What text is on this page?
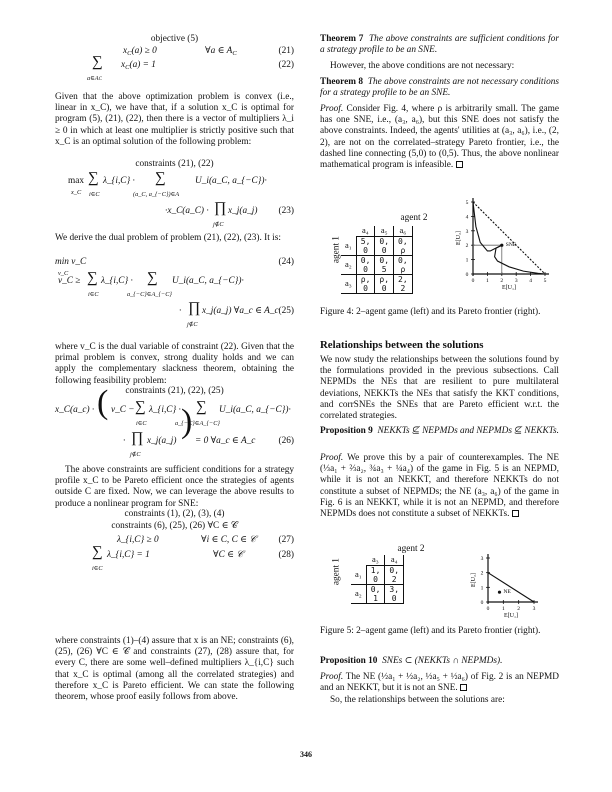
objective (5)
$x_C(a) \ge 0$	∀a ∈ $A_C$	(21)
∑
a∈AC
$x_C(a) = 1$	(22)
Given that the above optimization problem is convex (i.e., linear in x_C), we have that, if a solution x_C is optimal for program (5), (21), (22), then there is a vector of multipliers λ_i ≥ 0 in which at least one multiplier is strictly positive such that x_C is an optimal solution of the following problem:
constraints (21), (22)
max
x_C
∑
i∈C
λ_{i,C} · ∑
(a_C, a_{−C})∈A
U_i(a_C, a_{−C})·
·x_C(a_C) · ∏
j∉C
x_j(a_j) (23)
We derive the dual problem of problem (21), (22), (23). It is:
min v_C
v_C
(24)
v_C ≥ ∑
i∈C
λ_{i,C} · ∑
a_{−C}∈A_{−C}
U_i(a_C, a_{−C})·
· ∏
j∉C
x_j(a_j) ∀a_c ∈ A_c (25)
where v_C is the dual variable of constraint (22). Given that the primal problem is convex, strong duality holds and we can apply the complementary slackness theorem, obtaining the following feasibility problem:
constraints (21), (22), (25)
x_C(a_c) · ( v_C − ∑
i∈C
λ_{i,C} · ∑
a_{−C}∈A_{−C}
U_i(a_C, a_{−C})·
· ∏
j∉C
x_j(a_j)
)
= 0 ∀a_c ∈ A_c (26)
The above constraints are sufficient conditions for a strategy profile x_C to be Pareto efficient once the strategies of agents outside C are fixed. Now, we can leverage the above results to produce a nonlinear program for SNE:
constraints (1), (2), (3), (4)
constraints (6), (25), (26) ∀C ∈ 𝒞
λ_{i,C} ≥ 0	∀i ∈ C, C ∈ 𝒞 (27)
∑
i∈C
λ_{i,C} = 1	∀C ∈ 𝒞	(28)
where constraints (1)–(4) assure that x is an NE; constraints (6), (25), (26) ∀C ∈ 𝒞 and constraints (27), (28) assure that, for every C, there are some well–defined multipliers λ_{i,C} such that x_C is optimal (among all the correlated strategies) and therefore x_C is Pareto efficient. We can state the following theorem, whose proof easily follows from above.
Theorem 7 The above constraints are sufficient conditions for a strategy profile to be an SNE.
However, the above conditions are not necessary:
Theorem 8 The above constraints are not necessary conditions for a strategy profile to be an SNE.
Proof. Consider Fig. 4, where ρ is arbitrarily small. The game has one SNE, i.e., (a₃, a₆), but this SNE does not satisfy the above constraints. Indeed, the agents' utilities at (a₃, a₆), i.e., (2, 2), are not on the correlated–strategy Pareto frontier, i.e., the dashed line connecting (5,0) to (0,5). Thus, the above nonlinear mathematical program is infeasible.
agent 2
agent 1
	a₄	a₅	a₆
a₁	5, 0	0, 0	0, ρ
a₂	0, 0	0, 5	0, ρ
a₃	ρ, 0	ρ, 0	2, 2
0 1 2 3 4 5
0
1
2
3
4
5
E[U₁]
E[U₂]
SNE
Figure 4: 2–agent game (left) and its Pareto frontier (right).
Relationships between the solutions
We now study the relationships between the solutions found by the formulations provided in the previous subsections. Call NEPMDs the NEs that are resilient to pure multilateral deviations, NEKKTs the NEs that satisfy the KKT conditions, and corrSNEs the SNEs that are Pareto efficient w.r.t. the correlated strategies.
Proposition 9 NEKKTs ⊈ NEPMDs and NEPMDs ⊈ NEKKTs.
Proof. We prove this by a pair of counterexamples. The NE (⅓a₁ + ⅔a₂, ¾a₃ + ¼a₄) of the game in Fig. 5 is an NEPMD, while it is not an NEKKT, and therefore NEKKTs do not constitute a subset of NEPMDs; the NE (a₃, a₆) of the game in Fig. 6 is an NEKKT, while it is not an NEPMD, and therefore NEPMDs does not constitute a subset of NEKKTs.
agent 2
agent 1
		a₃	a₄
a₁	1, 0	0, 2
a₂	0, 1	3, 0
0 1 2 3
0
1
2
3
E[U₁]
E[U₂]
NE
Figure 5: 2–agent game (left) and its Pareto frontier (right).
Proposition 10 SNEs ⊂ (NEKKTs ∩ NEPMDs).
Proof. The NE (½a₁ + ½a₂, ½a₅ + ½a₆) of Fig. 2 is an NEPMD and an NEKKT, but it is not an SNE.
So, the relationships between the solutions are:
346
